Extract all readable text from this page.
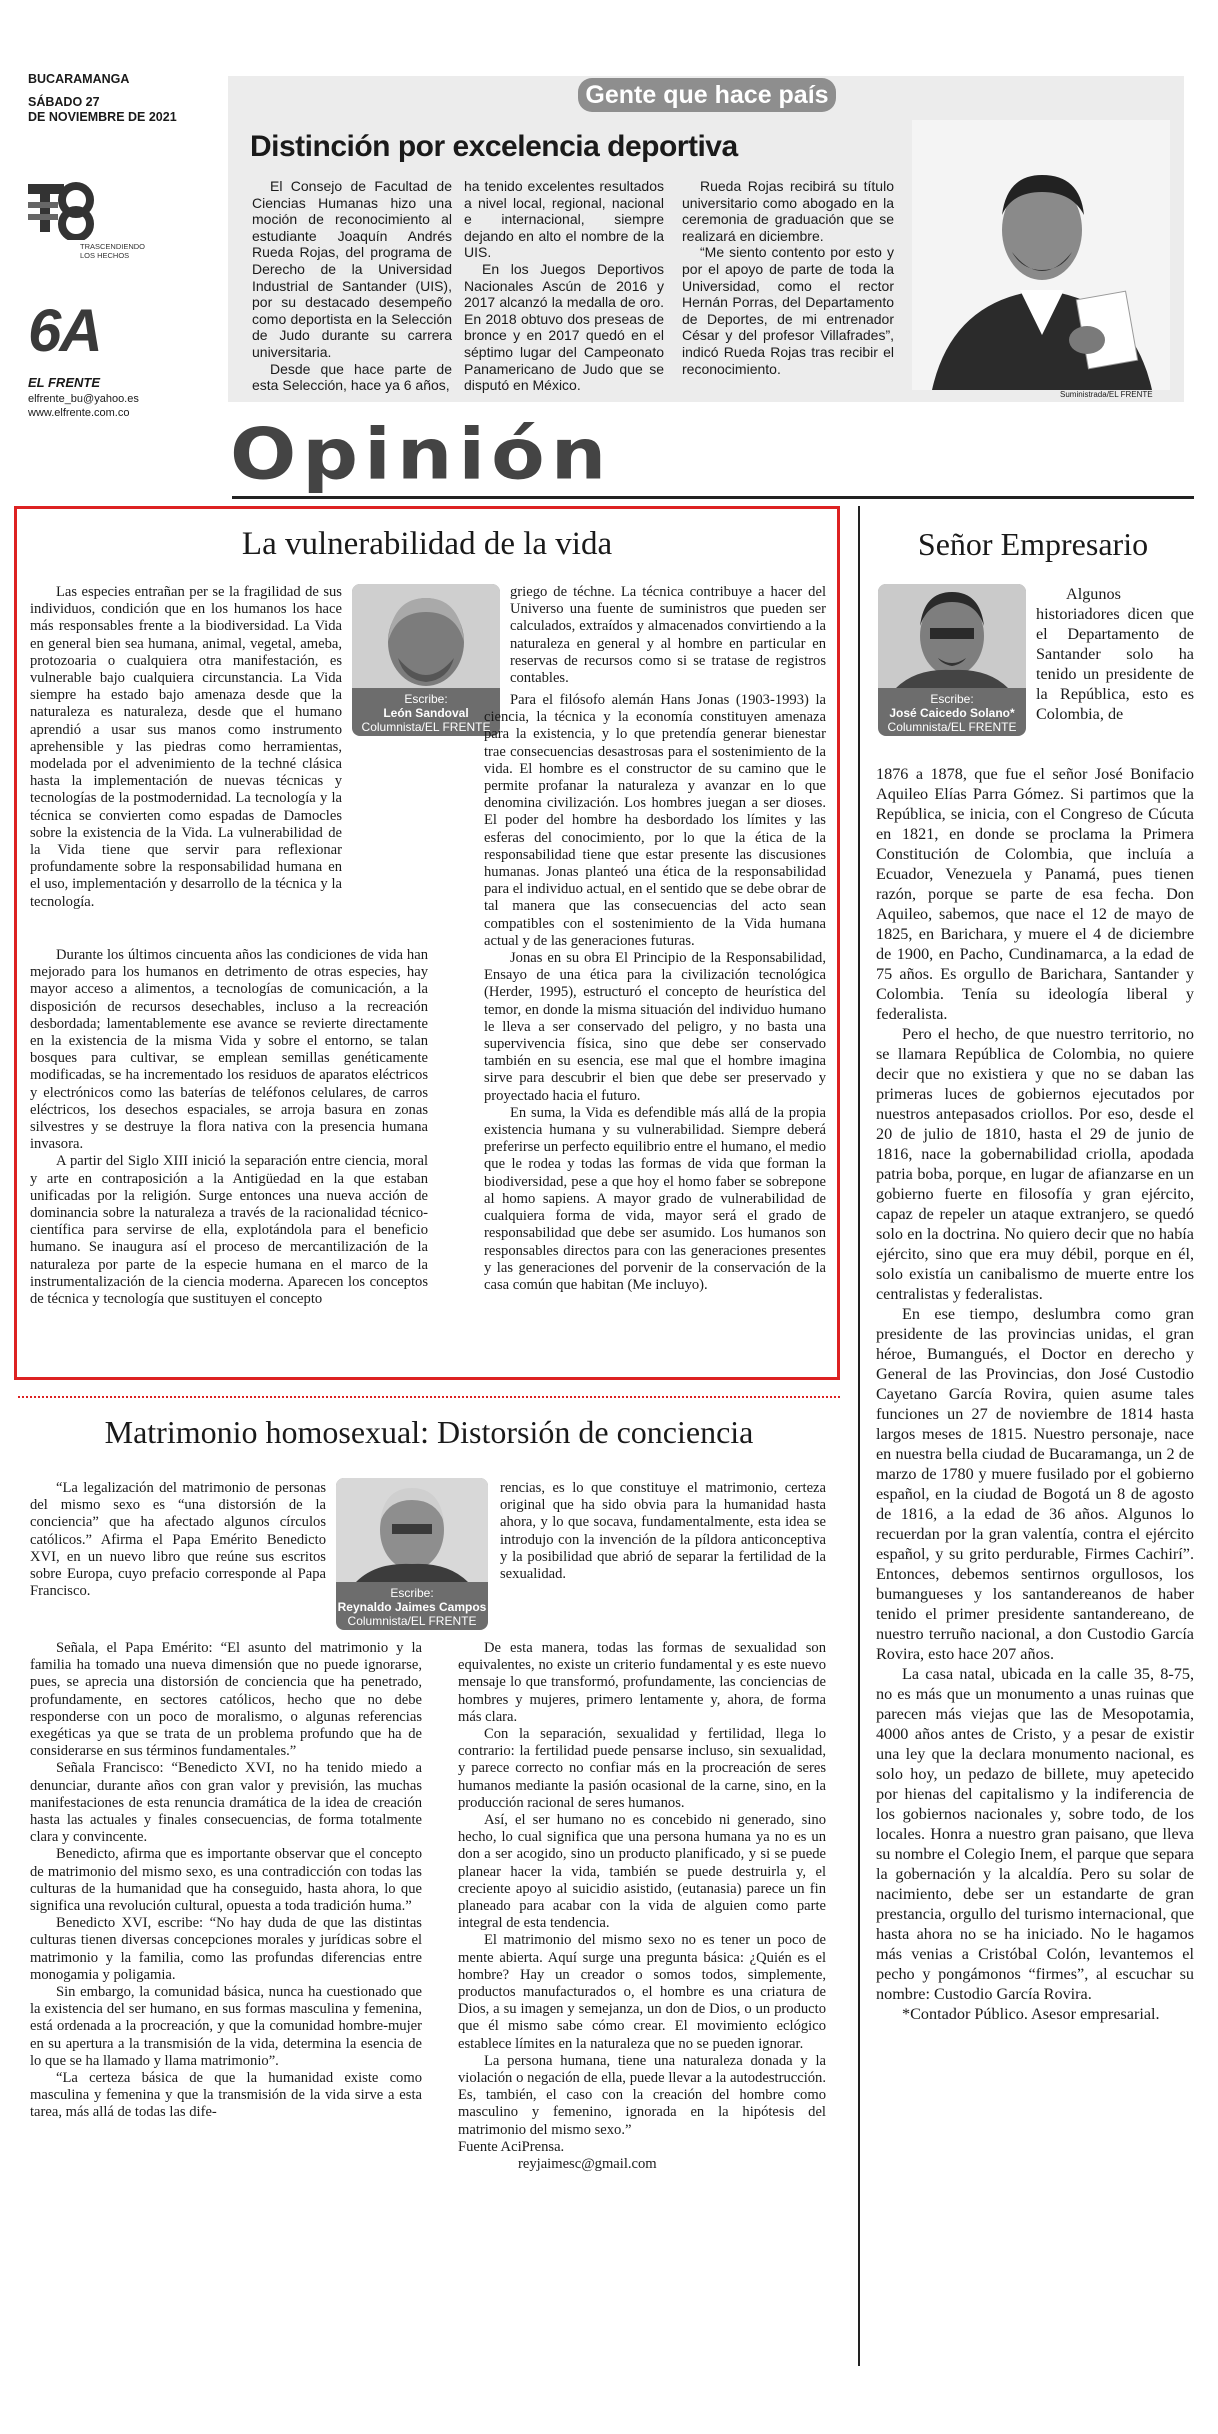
BUCARAMANGA
SÁBADO 27
DE NOVIEMBRE DE 2021
TRASCENDIENDO LOS HECHOS
6A
EL FRENTE
elfrente_bu@yahoo.es
www.elfrente.com.co
Gente que hace país
Distinción por excelencia deportiva

El Consejo de Facultad de Ciencias Humanas hizo una moción de reconocimiento al estudiante Joaquín Andrés Rueda Rojas, del programa de Derecho de la Universidad Industrial de Santander (UIS), por su destacado desempeño como deportista en la Selección de Judo durante su carrera universitaria.

Desde que hace parte de esta Selección, hace ya 6 años,

ha tenido excelentes resultados a nivel local, regional, nacional e internacional, siempre dejando en alto el nombre de la UIS.

En los Juegos Deportivos Nacionales Ascún de 2016 y 2017 alcanzó la medalla de oro. En 2018 obtuvo dos preseas de bronce y en 2017 quedó en el séptimo lugar del Campeonato Panamericano de Judo que se disputó en México.

Rueda Rojas recibirá su título universitario como abogado en la ceremonia de graduación que se realizará en diciembre.

“Me siento contento por esto y por el apoyo de parte de toda la Universidad, como el rector Hernán Porras, del Departamento de Deportes, de mi entrenador César y del profesor Villafrades”, indicó Rueda Rojas tras recibir el reconocimiento.

Suministrada/EL FRENTE
Opinión
La vulnerabilidad de la vida
Escribe:
León Sandoval
Columnista/EL FRENTE

Las especies entrañan per se la fragilidad de sus individuos, condición que en los humanos los hace más responsables frente a la biodiversidad. La Vida en general bien sea humana, animal, vegetal, ameba, protozoaria o cualquiera otra manifestación, es vulnerable bajo cualquiera circunstancia. La Vida siempre ha estado bajo amenaza desde que la naturaleza es naturaleza, desde que el humano aprendió a usar sus manos como instrumento aprehensible y las piedras como herramientas, modelada por el advenimiento de la techné clásica hasta la implementación de nuevas técnicas y tecnologías de la postmodernidad. La tecnología y la técnica se convierten como espadas de Damocles sobre la existencia de la Vida. La vulnerabilidad de la Vida tiene que servir para reflexionar profundamente sobre la responsabilidad humana en el uso, implementación y desarrollo de la técnica y la tecnología.

Durante los últimos cincuenta años las condiciones de vida han mejorado para los humanos en detrimento de otras especies, hay mayor acceso a alimentos, a tecnologías de comunicación, a la disposición de recursos desechables, incluso a la recreación desbordada; lamentablemente ese avance se revierte directamente en la existencia de la misma Vida y sobre el entorno, se talan bosques para cultivar, se emplean semillas genéticamente modificadas, se ha incrementado los residuos de aparatos eléctricos y electrónicos como las baterías de teléfonos celulares, de carros eléctricos, los desechos espaciales, se arroja basura en zonas silvestres y se destruye la flora nativa con la presencia humana invasora.

A partir del Siglo XIII inició la separación entre ciencia, moral y arte en contraposición a la Antigüedad en la que estaban unificadas por la religión. Surge entonces una nueva acción de dominancia sobre la naturaleza a través de la racionalidad técnico-científica para servirse de ella, explotándola para el beneficio humano. Se inaugura así el proceso de mercantilización de la naturaleza por parte de la especie humana en el marco de la instrumentalización de la ciencia moderna. Aparecen los conceptos de técnica y tecnología que sustituyen el concepto

griego de téchne. La técnica contribuye a hacer del Universo una fuente de suministros que pueden ser calculados, extraídos y almacenados convirtiendo a la naturaleza en general y al hombre en particular en reservas de recursos como si se tratase de registros contables.

Para el filósofo alemán Hans Jonas (1903-1993) la ciencia, la técnica y la economía constituyen amenaza para la existencia, y lo que pretendía generar bienestar trae consecuencias desastrosas para el sostenimiento de la vida. El hombre es el constructor de su camino que le permite profanar la naturaleza y avanzar en lo que denomina civilización. Los hombres juegan a ser dioses. El poder del hombre ha desbordado los límites y las esferas del conocimiento, por lo que la ética de la responsabilidad tiene que estar presente las discusiones humanas. Jonas planteó una ética de la responsabilidad para el individuo actual, en el sentido que se debe obrar de tal manera que las consecuencias del acto sean compatibles con el sostenimiento de la Vida humana actual y de las generaciones futuras.

Jonas en su obra El Principio de la Responsabilidad, Ensayo de una ética para la civilización tecnológica (Herder, 1995), estructuró el concepto de heurística del temor, en donde la misma situación del individuo humano le lleva a ser conservado del peligro, y no basta una supervivencia física, sino que debe ser conservado también en su esencia, ese mal que el hombre imagina sirve para descubrir el bien que debe ser preservado y proyectado hacia el futuro.

En suma, la Vida es defendible más allá de la propia existencia humana y su vulnerabilidad. Siempre deberá preferirse un perfecto equilibrio entre el humano, el medio que le rodea y todas las formas de vida que forman la biodiversidad, pese a que hoy el homo faber se sobrepone al homo sapiens. A mayor grado de vulnerabilidad de cualquiera forma de vida, mayor será el grado de responsabilidad que debe ser asumido. Los humanos son responsables directos para con las generaciones presentes y las generaciones del porvenir de la conservación de la casa común que habitan (Me incluyo).

Matrimonio homosexual: Distorsión de conciencia
Escribe:
Reynaldo Jaimes Campos
Columnista/EL FRENTE

“La legalización del matrimonio de personas del mismo sexo es “una distorsión de la conciencia” que ha afectado algunos círculos católicos.” Afirma el Papa Emérito Benedicto XVI, en un nuevo libro que reúne sus escritos sobre Europa, cuyo prefacio corresponde al Papa Francisco.

Señala, el Papa Emérito: “El asunto del matrimonio y la familia ha tomado una nueva dimensión que no puede ignorarse, pues, se aprecia una distorsión de conciencia que ha penetrado, profundamente, en sectores católicos, hecho que no debe responderse con un poco de moralismo, o algunas referencias exegéticas ya que se trata de un problema profundo que ha de considerarse en sus términos fundamentales.”

Señala Francisco: “Benedicto XVI, no ha tenido miedo a denunciar, durante años con gran valor y previsión, las muchas manifestaciones de esta renuncia dramática de la idea de creación hasta las actuales y finales consecuencias, de forma totalmente clara y convincente.

Benedicto, afirma que es importante observar que el concepto de matrimonio del mismo sexo, es una contradicción con todas las culturas de la humanidad que ha conseguido, hasta ahora, lo que significa una revolución cultural, opuesta a toda tradición huma.”

Benedicto XVI, escribe: “No hay duda de que las distintas culturas tienen diversas concepciones morales y jurídicas sobre el matrimonio y la familia, como las profundas diferencias entre monogamia y poligamia.

Sin embargo, la comunidad básica, nunca ha cuestionado que la existencia del ser humano, en sus formas masculina y femenina, está ordenada a la procreación, y que la comunidad hombre-mujer en su apertura a la transmisión de la vida, determina la esencia de lo que se ha llamado y llama matrimonio”.

“La certeza básica de que la humanidad existe como masculina y femenina y que la transmisión de la vida sirve a esta tarea, más allá de todas las dife-

rencias, es lo que constituye el matrimonio, certeza original que ha sido obvia para la humanidad hasta ahora, y lo que socava, fundamentalmente, esta idea se introdujo con la invención de la píldora anticonceptiva y la posibilidad que abrió de separar la fertilidad de la sexualidad.

De esta manera, todas las formas de sexualidad son equivalentes, no existe un criterio fundamental y es este nuevo mensaje lo que transformó, profundamente, las conciencias de hombres y mujeres, primero lentamente y, ahora, de forma más clara.

Con la separación, sexualidad y fertilidad, llega lo contrario: la fertilidad puede pensarse incluso, sin sexualidad, y parece correcto no confiar más en la procreación de seres humanos mediante la pasión ocasional de la carne, sino, en la producción racional de seres humanos.

Así, el ser humano no es concebido ni generado, sino hecho, lo cual significa que una persona humana ya no es un don a ser acogido, sino un producto planificado, y si se puede planear hacer la vida, también se puede destruirla y, el creciente apoyo al suicidio asistido, (eutanasia) parece un fin planeado para acabar con la vida de alguien como parte integral de esta tendencia.

El matrimonio del mismo sexo no es tener un poco de mente abierta. Aquí surge una pregunta básica: ¿Quién es el hombre? Hay un creador o somos todos, simplemente, productos manufacturados o, el hombre es una criatura de Dios, a su imagen y semejanza, un don de Dios, o un producto que él mismo sabe cómo crear. El movimiento eclógico establece límites en la naturaleza que no se pueden ignorar.

La persona humana, tiene una naturaleza donada y la violación o negación de ella, puede llevar a la autodestrucción. Es, también, el caso con la creación del hombre como masculino y femenino, ignorada en la hipótesis del matrimonio del mismo sexo.”

Fuente AciPrensa.

reyjaimesc@gmail.com

Señor Empresario
Escribe:
José Caicedo Solano*
Columnista/EL FRENTE

Algunos historiadores dicen que el Departamento de Santander solo ha tenido un presidente de la República, esto es Colombia, de

1876 a 1878, que fue el señor José Bonifacio Aquileo Elías Parra Gómez. Si partimos que la República, se inicia, con el Congreso de Cúcuta en 1821, en donde se proclama la Primera Constitución de Colombia, que incluía a Ecuador, Venezuela y Panamá, pues tienen razón, porque se parte de esa fecha. Don Aquileo, sabemos, que nace el 12 de mayo de 1825, en Barichara, y muere el 4 de diciembre de 1900, en Pacho, Cundinamarca, a la edad de 75 años. Es orgullo de Barichara, Santander y Colombia. Tenía su ideología liberal y federalista.

Pero el hecho, de que nuestro territorio, no se llamara República de Colombia, no quiere decir que no existiera y que no se daban las primeras luces de gobiernos ejecutados por nuestros antepasados criollos. Por eso, desde el 20 de julio de 1810, hasta el 29 de junio de 1816, nace la gobernabilidad criolla, apodada patria boba, porque, en lugar de afianzarse en un gobierno fuerte en filosofía y gran ejército, capaz de repeler un ataque extranjero, se quedó solo en la doctrina. No quiero decir que no había ejército, sino que era muy débil, porque en él, solo existía un canibalismo de muerte entre los centralistas y federalistas.

En ese tiempo, deslumbra como gran presidente de las provincias unidas, el gran héroe, Bumangués, el Doctor en derecho y General de las Provincias, don José Custodio Cayetano García Rovira, quien asume tales funciones un 27 de noviembre de 1814 hasta largos meses de 1815. Nuestro personaje, nace en nuestra bella ciudad de Bucaramanga, un 2 de marzo de 1780 y muere fusilado por el gobierno español, en la ciudad de Bogotá un 8 de agosto de 1816, a la edad de 36 años. Algunos lo recuerdan por la gran valentía, contra el ejército español, y su grito perdurable, Firmes Cachirí”. Entonces, debemos sentirnos orgullosos, los bumangueses y los santandereanos de haber tenido el primer presidente santandereano, de nuestro terruño nacional, a don Custodio García Rovira, esto hace 207 años.

La casa natal, ubicada en la calle 35, 8-75, no es más que un monumento a unas ruinas que parecen más viejas que las de Mesopotamia, 4000 años antes de Cristo, y a pesar de existir una ley que la declara monumento nacional, es solo hoy, un pedazo de billete, muy apetecido por hienas del capitalismo y la indiferencia de los gobiernos nacionales y, sobre todo, de los locales. Honra a nuestro gran paisano, que lleva su nombre el Colegio Inem, el parque que separa la gobernación y la alcaldía. Pero su solar de nacimiento, debe ser un estandarte de gran prestancia, orgullo del turismo internacional, que hasta ahora no se ha iniciado. No le hagamos más venias a Cristóbal Colón, levantemos el pecho y pongámonos “firmes”, al escuchar su nombre: Custodio García Rovira.

*Contador Público. Asesor empresarial.
